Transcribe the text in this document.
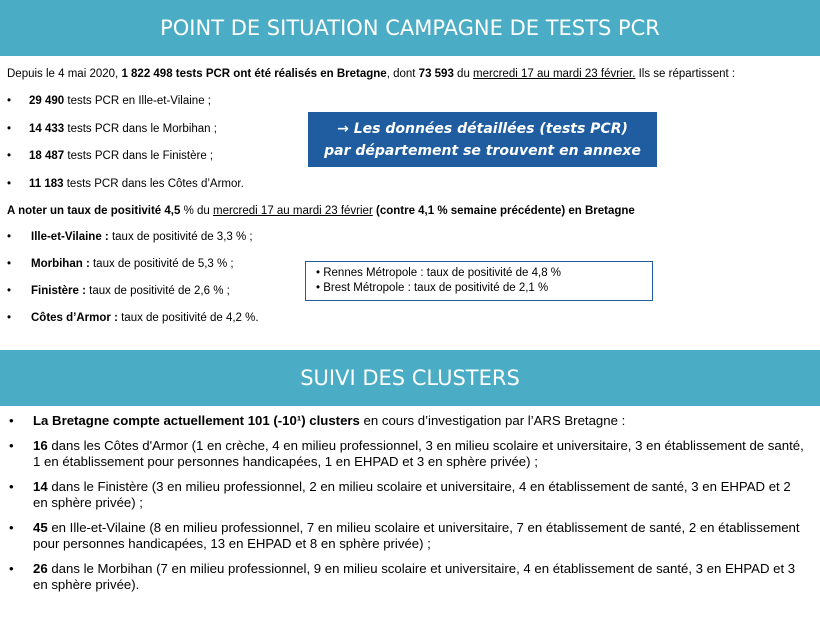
POINT DE SITUATION CAMPAGNE DE TESTS PCR
Depuis le 4 mai 2020, 1 822 498 tests PCR ont été réalisés en Bretagne, dont 73 593 du mercredi 17 au mardi 23 février. Ils se répartissent :
• 29 490 tests PCR en Ille-et-Vilaine ;
• 14 433 tests PCR dans le Morbihan ;
• 18 487 tests PCR dans le Finistère ;
• 11 183 tests PCR dans les Côtes d’Armor.
→ Les données détaillées (tests PCR)
par département se trouvent en annexe
A noter un taux de positivité 4,5 % du mercredi 17 au mardi 23 février (contre 4,1 % semaine précédente) en Bretagne
• Ille-et-Vilaine : taux de positivité de 3,3 % ;
• Morbihan : taux de positivité de 5,3 % ;
• Finistère : taux de positivité de 2,6 % ;
• Côtes d’Armor : taux de positivité de 4,2 %.
• Rennes Métropole : taux de positivité de 4,8 %
• Brest Métropole : taux de positivité de 2,1 %
SUIVI DES CLUSTERS
• La Bretagne compte actuellement 101 (-10¹) clusters en cours d’investigation par l’ARS Bretagne :
• 16 dans les Côtes d'Armor (1 en crèche, 4 en milieu professionnel, 3 en milieu scolaire et universitaire, 3 en établissement de santé, 1 en établissement pour personnes handicapées, 1 en EHPAD et 3 en sphère privée) ;
• 14 dans le Finistère (3 en milieu professionnel, 2 en milieu scolaire et universitaire, 4 en établissement de santé, 3 en EHPAD et 2 en sphère privée) ;
• 45 en Ille-et-Vilaine (8 en milieu professionnel, 7 en milieu scolaire et universitaire, 7 en établissement de santé, 2 en établissement pour personnes handicapées, 13 en EHPAD et 8 en sphère privée) ;
• 26 dans le Morbihan (7 en milieu professionnel, 9 en milieu scolaire et universitaire, 4 en établissement de santé, 3 en EHPAD et 3 en sphère privée).
